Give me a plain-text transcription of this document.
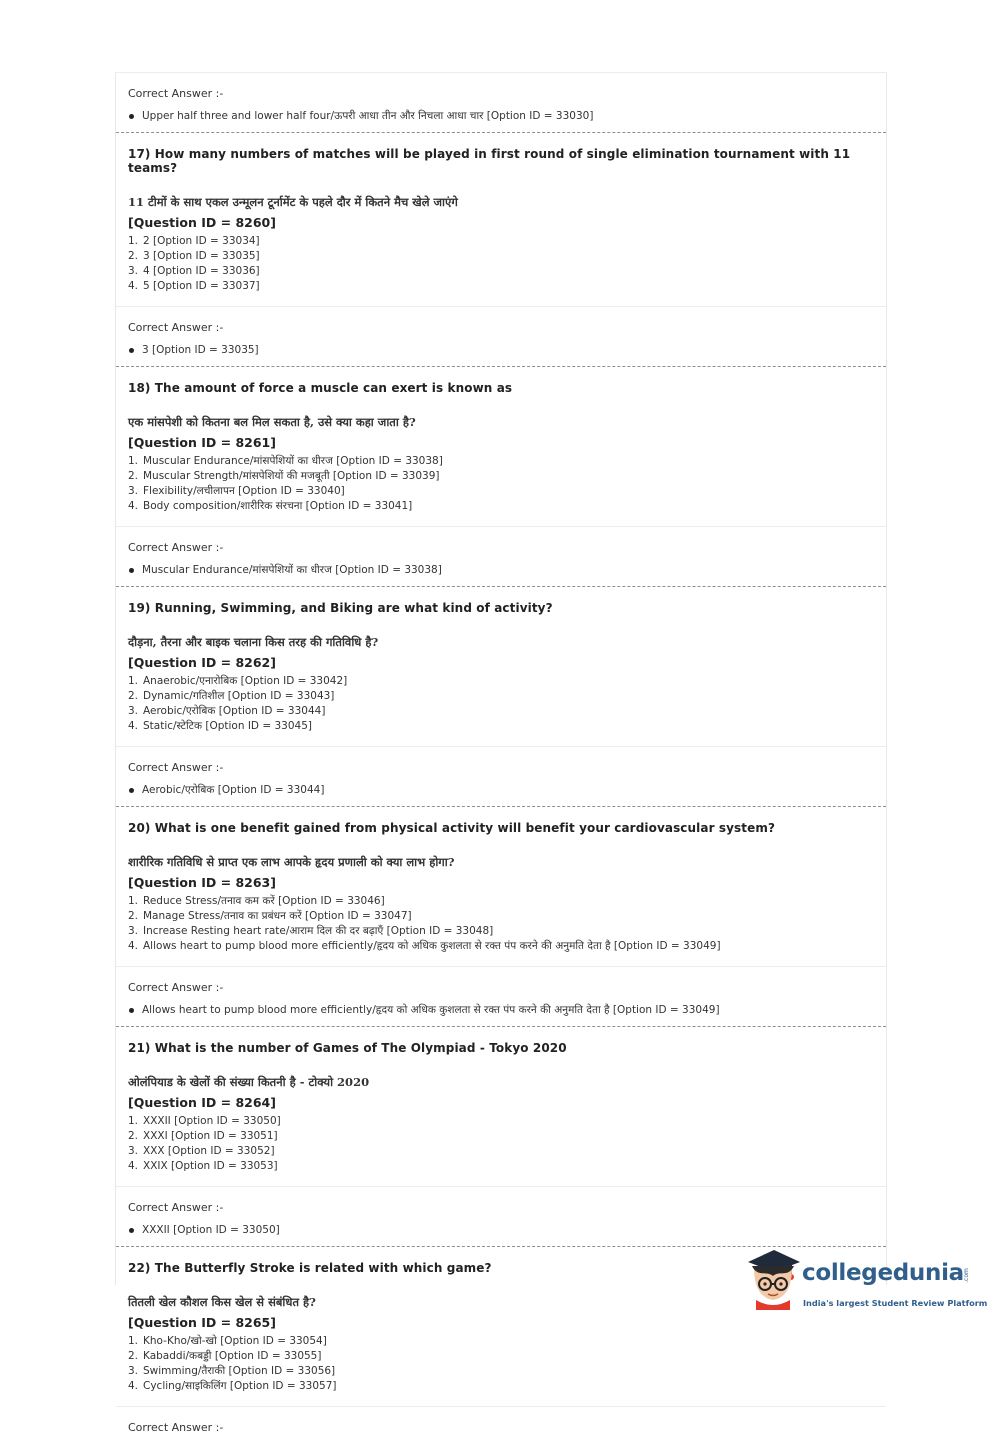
Correct Answer :-
Upper half three and lower half four/ऊपरी आधा तीन और निचला आधा चार [Option ID = 33030]
17) How many numbers of matches will be played in first round of single elimination tournament with 11 teams?
11 टीमों के साथ एकल उन्मूलन टूर्नामेंट के पहले दौर में कितने मैच खेले जाएंगे
[Question ID = 8260]
1. 2 [Option ID = 33034]
2. 3 [Option ID = 33035]
3. 4 [Option ID = 33036]
4. 5 [Option ID = 33037]
Correct Answer :-
3 [Option ID = 33035]
18) The amount of force a muscle can exert is known as
एक मांसपेशी को कितना बल मिल सकता है, उसे क्या कहा जाता है?
[Question ID = 8261]
1. Muscular Endurance/मांसपेशियों का धीरज [Option ID = 33038]
2. Muscular Strength/मांसपेशियों की मजबूती [Option ID = 33039]
3. Flexibility/लचीलापन [Option ID = 33040]
4. Body composition/शारीरिक संरचना [Option ID = 33041]
Correct Answer :-
Muscular Endurance/मांसपेशियों का धीरज [Option ID = 33038]
19) Running, Swimming, and Biking are what kind of activity?
दौड़ना, तैरना और बाइक चलाना किस तरह की गतिविधि है?
[Question ID = 8262]
1. Anaerobic/एनारोबिक [Option ID = 33042]
2. Dynamic/गतिशील [Option ID = 33043]
3. Aerobic/एरोबिक [Option ID = 33044]
4. Static/स्टेटिक [Option ID = 33045]
Correct Answer :-
Aerobic/एरोबिक [Option ID = 33044]
20) What is one benefit gained from physical activity will benefit your cardiovascular system?
शारीरिक गतिविधि से प्राप्त एक लाभ आपके हृदय प्रणाली को क्या लाभ होगा?
[Question ID = 8263]
1. Reduce Stress/तनाव कम करें [Option ID = 33046]
2. Manage Stress/तनाव का प्रबंधन करें [Option ID = 33047]
3. Increase Resting heart rate/आराम दिल की दर बढ़ाएँ [Option ID = 33048]
4. Allows heart to pump blood more efficiently/हृदय को अधिक कुशलता से रक्त पंप करने की अनुमति देता है [Option ID = 33049]
Correct Answer :-
Allows heart to pump blood more efficiently/हृदय को अधिक कुशलता से रक्त पंप करने की अनुमति देता है [Option ID = 33049]
21) What is the number of Games of The Olympiad - Tokyo 2020
ओलंपियाड के खेलों की संख्या कितनी है - टोक्यो 2020
[Question ID = 8264]
1. XXXII [Option ID = 33050]
2. XXXI [Option ID = 33051]
3. XXX [Option ID = 33052]
4. XXIX [Option ID = 33053]
Correct Answer :-
XXXII [Option ID = 33050]
22) The Butterfly Stroke is related with which game?
तितली खेल कौशल किस खेल से संबंधित है?
[Question ID = 8265]
1. Kho-Kho/खो-खो [Option ID = 33054]
2. Kabaddi/कबड्डी [Option ID = 33055]
3. Swimming/तैराकी [Option ID = 33056]
4. Cycling/साइकिलिंग [Option ID = 33057]
Correct Answer :-
collegedunia
.com
India's largest Student Review Platform
